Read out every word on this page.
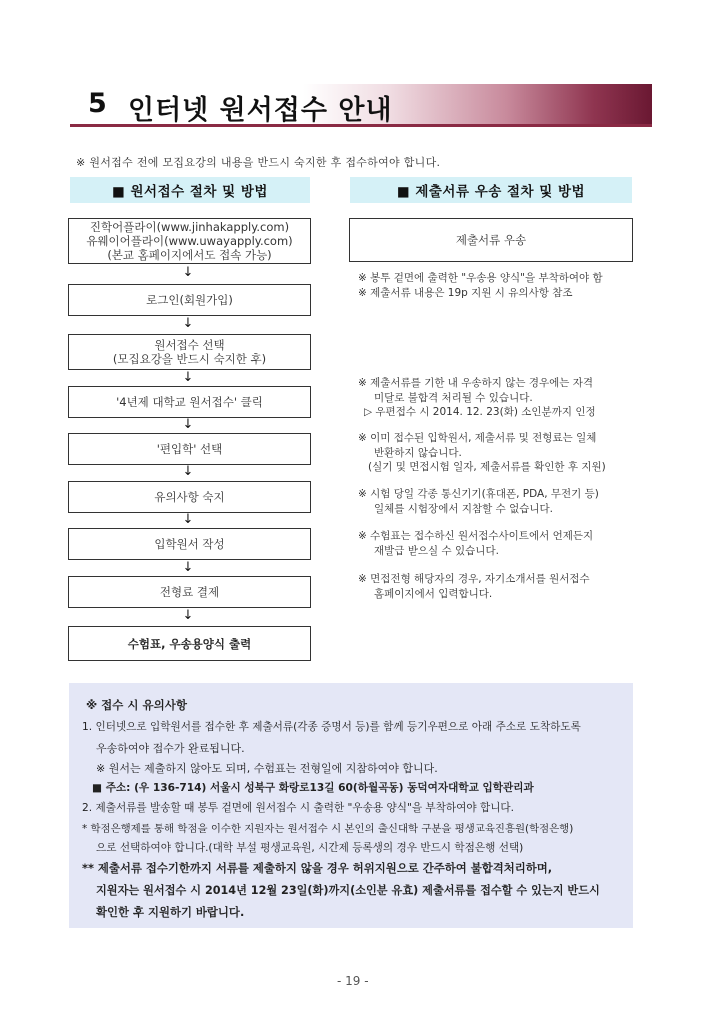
5 인터넷 원서접수 안내
※ 원서접수 전에 모집요강의 내용을 반드시 숙지한 후 접수하여야 합니다.
■ 원서접수 절차 및 방법	■ 제출서류 우송 절차 및 방법
진학어플라이(www.jinhakapply.com)
유웨이어플라이(www.uwayapply.com)
(본교 홈페이지에서도 접속 가능)
↓
로그인(회원가입)
↓
원서접수 선택
(모집요강을 반드시 숙지한 후)
↓
'4년제 대학교 원서접수' 클릭
↓
'편입학' 선택
↓
유의사항 숙지
↓
입학원서 작성
↓
전형료 결제
↓
수험표, 우송용양식 출력
제출서류 우송
※ 봉투 겉면에 출력한 "우송용 양식"을 부착하여야 함
※ 제출서류 내용은 19p 지원 시 유의사항 참조
※ 제출서류를 기한 내 우송하지 않는 경우에는 자격
미달로 불합격 처리될 수 있습니다.
▷ 우편접수 시 2014. 12. 23(화) 소인분까지 인정
※ 이미 접수된 입학원서, 제출서류 및 전형료는 일체
반환하지 않습니다.
(실기 및 면접시험 일자, 제출서류를 확인한 후 지원)
※ 시험 당일 각종 통신기기(휴대폰, PDA, 무전기 등)
일체를 시험장에서 지참할 수 없습니다.
※ 수험표는 접수하신 원서접수사이트에서 언제든지
재발급 받으실 수 있습니다.
※ 면접전형 해당자의 경우, 자기소개서를 원서접수
홈페이지에서 입력합니다.
※ 접수 시 유의사항
1. 인터넷으로 입학원서를 접수한 후 제출서류(각종 증명서 등)를 함께 등기우편으로 아래 주소로 도착하도록
우송하여야 접수가 완료됩니다.
※ 원서는 제출하지 않아도 되며, 수험표는 전형일에 지참하여야 합니다.
■ 주소: (우 136-714) 서울시 성북구 화랑로13길 60(하월곡동) 동덕여자대학교 입학관리과
2. 제출서류를 발송할 때 봉투 겉면에 원서접수 시 출력한 "우송용 양식"을 부착하여야 합니다.
* 학점은행제를 통해 학점을 이수한 지원자는 원서접수 시 본인의 출신대학 구분을 평생교육진흥원(학점은행)
으로 선택하여야 합니다.(대학 부설 평생교육원, 시간제 등록생의 경우 반드시 학점은행 선택)
** 제출서류 접수기한까지 서류를 제출하지 않을 경우 허위지원으로 간주하여 불합격처리하며,
지원자는 원서접수 시 2014년 12월 23일(화)까지(소인분 유효) 제출서류를 접수할 수 있는지 반드시
확인한 후 지원하기 바랍니다.
- 19 -
